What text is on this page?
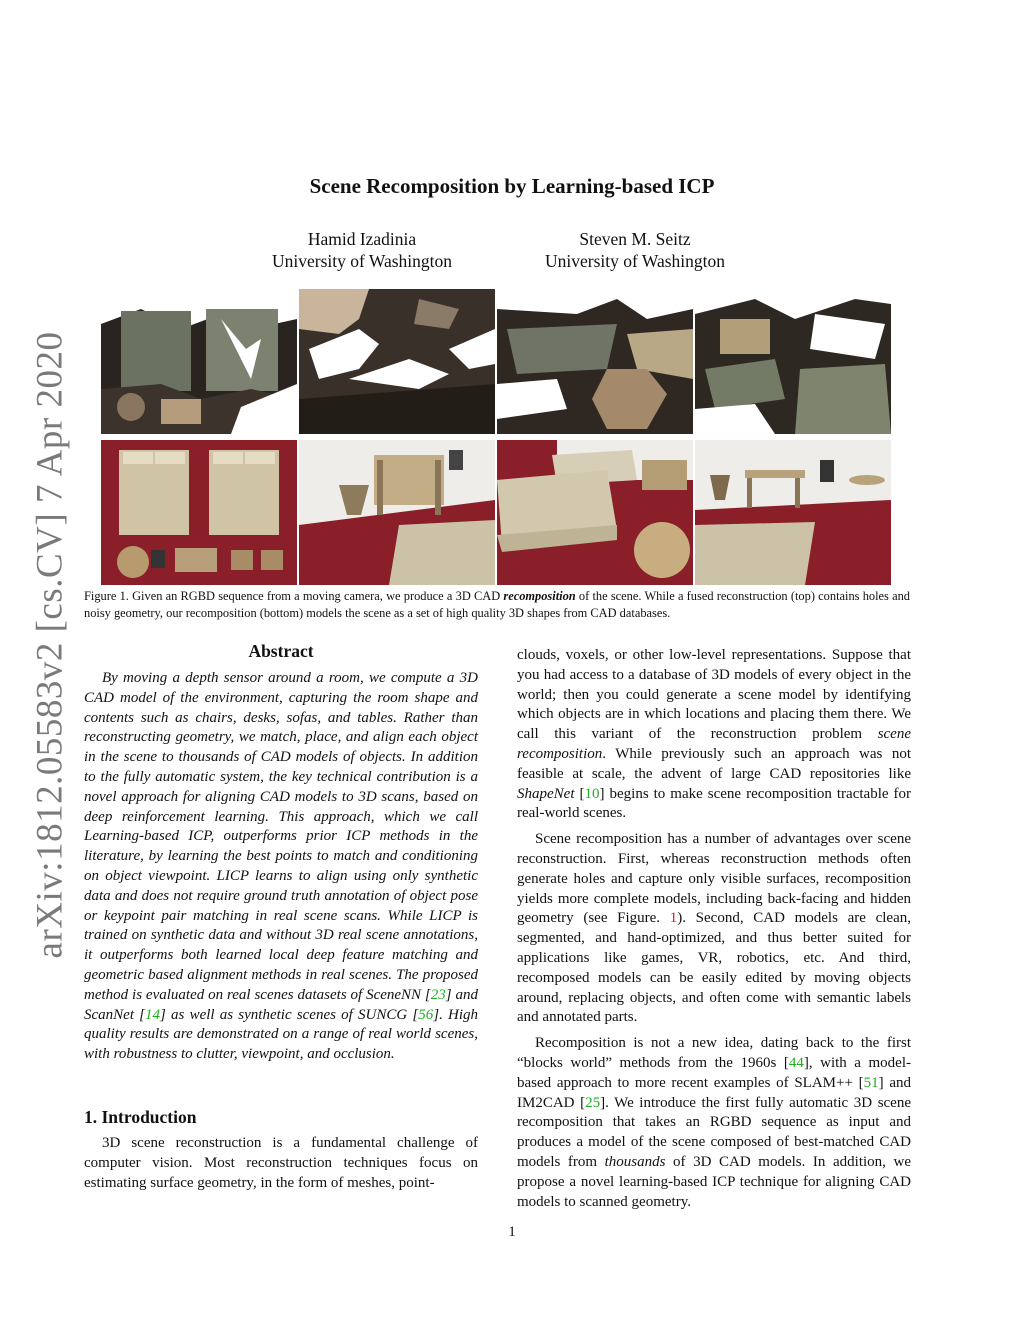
arXiv:1812.05583v2 [cs.CV] 7 Apr 2020
Scene Recomposition by Learning-based ICP
Hamid Izadinia
University of Washington
Steven M. Seitz
University of Washington
Figure 1. Given an RGBD sequence from a moving camera, we produce a 3D CAD recomposition of the scene. While a fused reconstruction (top) contains holes and noisy geometry, our recomposition (bottom) models the scene as a set of high quality 3D shapes from CAD databases.
Abstract

By moving a depth sensor around a room, we compute a 3D CAD model of the environment, capturing the room shape and contents such as chairs, desks, sofas, and tables. Rather than reconstructing geometry, we match, place, and align each object in the scene to thousands of CAD models of objects. In addition to the fully automatic system, the key technical contribution is a novel approach for aligning CAD models to 3D scans, based on deep reinforcement learning. This approach, which we call Learning-based ICP, outperforms prior ICP methods in the literature, by learning the best points to match and conditioning on object viewpoint. LICP learns to align using only synthetic data and does not require ground truth annotation of object pose or keypoint pair matching in real scene scans. While LICP is trained on synthetic data and without 3D real scene annotations, it outperforms both learned local deep feature matching and geometric based alignment methods in real scenes. The proposed method is evaluated on real scenes datasets of SceneNN [23] and ScanNet [14] as well as synthetic scenes of SUNCG [56]. High quality results are demonstrated on a range of real world scenes, with robustness to clutter, viewpoint, and occlusion.

1. Introduction

3D scene reconstruction is a fundamental challenge of computer vision. Most reconstruction techniques focus on estimating surface geometry, in the form of meshes, point-

clouds, voxels, or other low-level representations. Suppose that you had access to a database of 3D models of every object in the world; then you could generate a scene model by identifying which objects are in which locations and placing them there. We call this variant of the reconstruction problem scene recomposition. While previously such an approach was not feasible at scale, the advent of large CAD repositories like ShapeNet [10] begins to make scene recomposition tractable for real-world scenes.

Scene recomposition has a number of advantages over scene reconstruction. First, whereas reconstruction methods often generate holes and capture only visible surfaces, recomposition yields more complete models, including back-facing and hidden geometry (see Figure. 1). Second, CAD models are clean, segmented, and hand-optimized, and thus better suited for applications like games, VR, robotics, etc. And third, recomposed models can be easily edited by moving objects around, replacing objects, and often come with semantic labels and annotated parts.

Recomposition is not a new idea, dating back to the first “blocks world” methods from the 1960s [44], with a model-based approach to more recent examples of SLAM++ [51] and IM2CAD [25]. We introduce the first fully automatic 3D scene recomposition that takes an RGBD sequence as input and produces a model of the scene composed of best-matched CAD models from thousands of 3D CAD models. In addition, we propose a novel learning-based ICP technique for aligning CAD models to scanned geometry.

1
